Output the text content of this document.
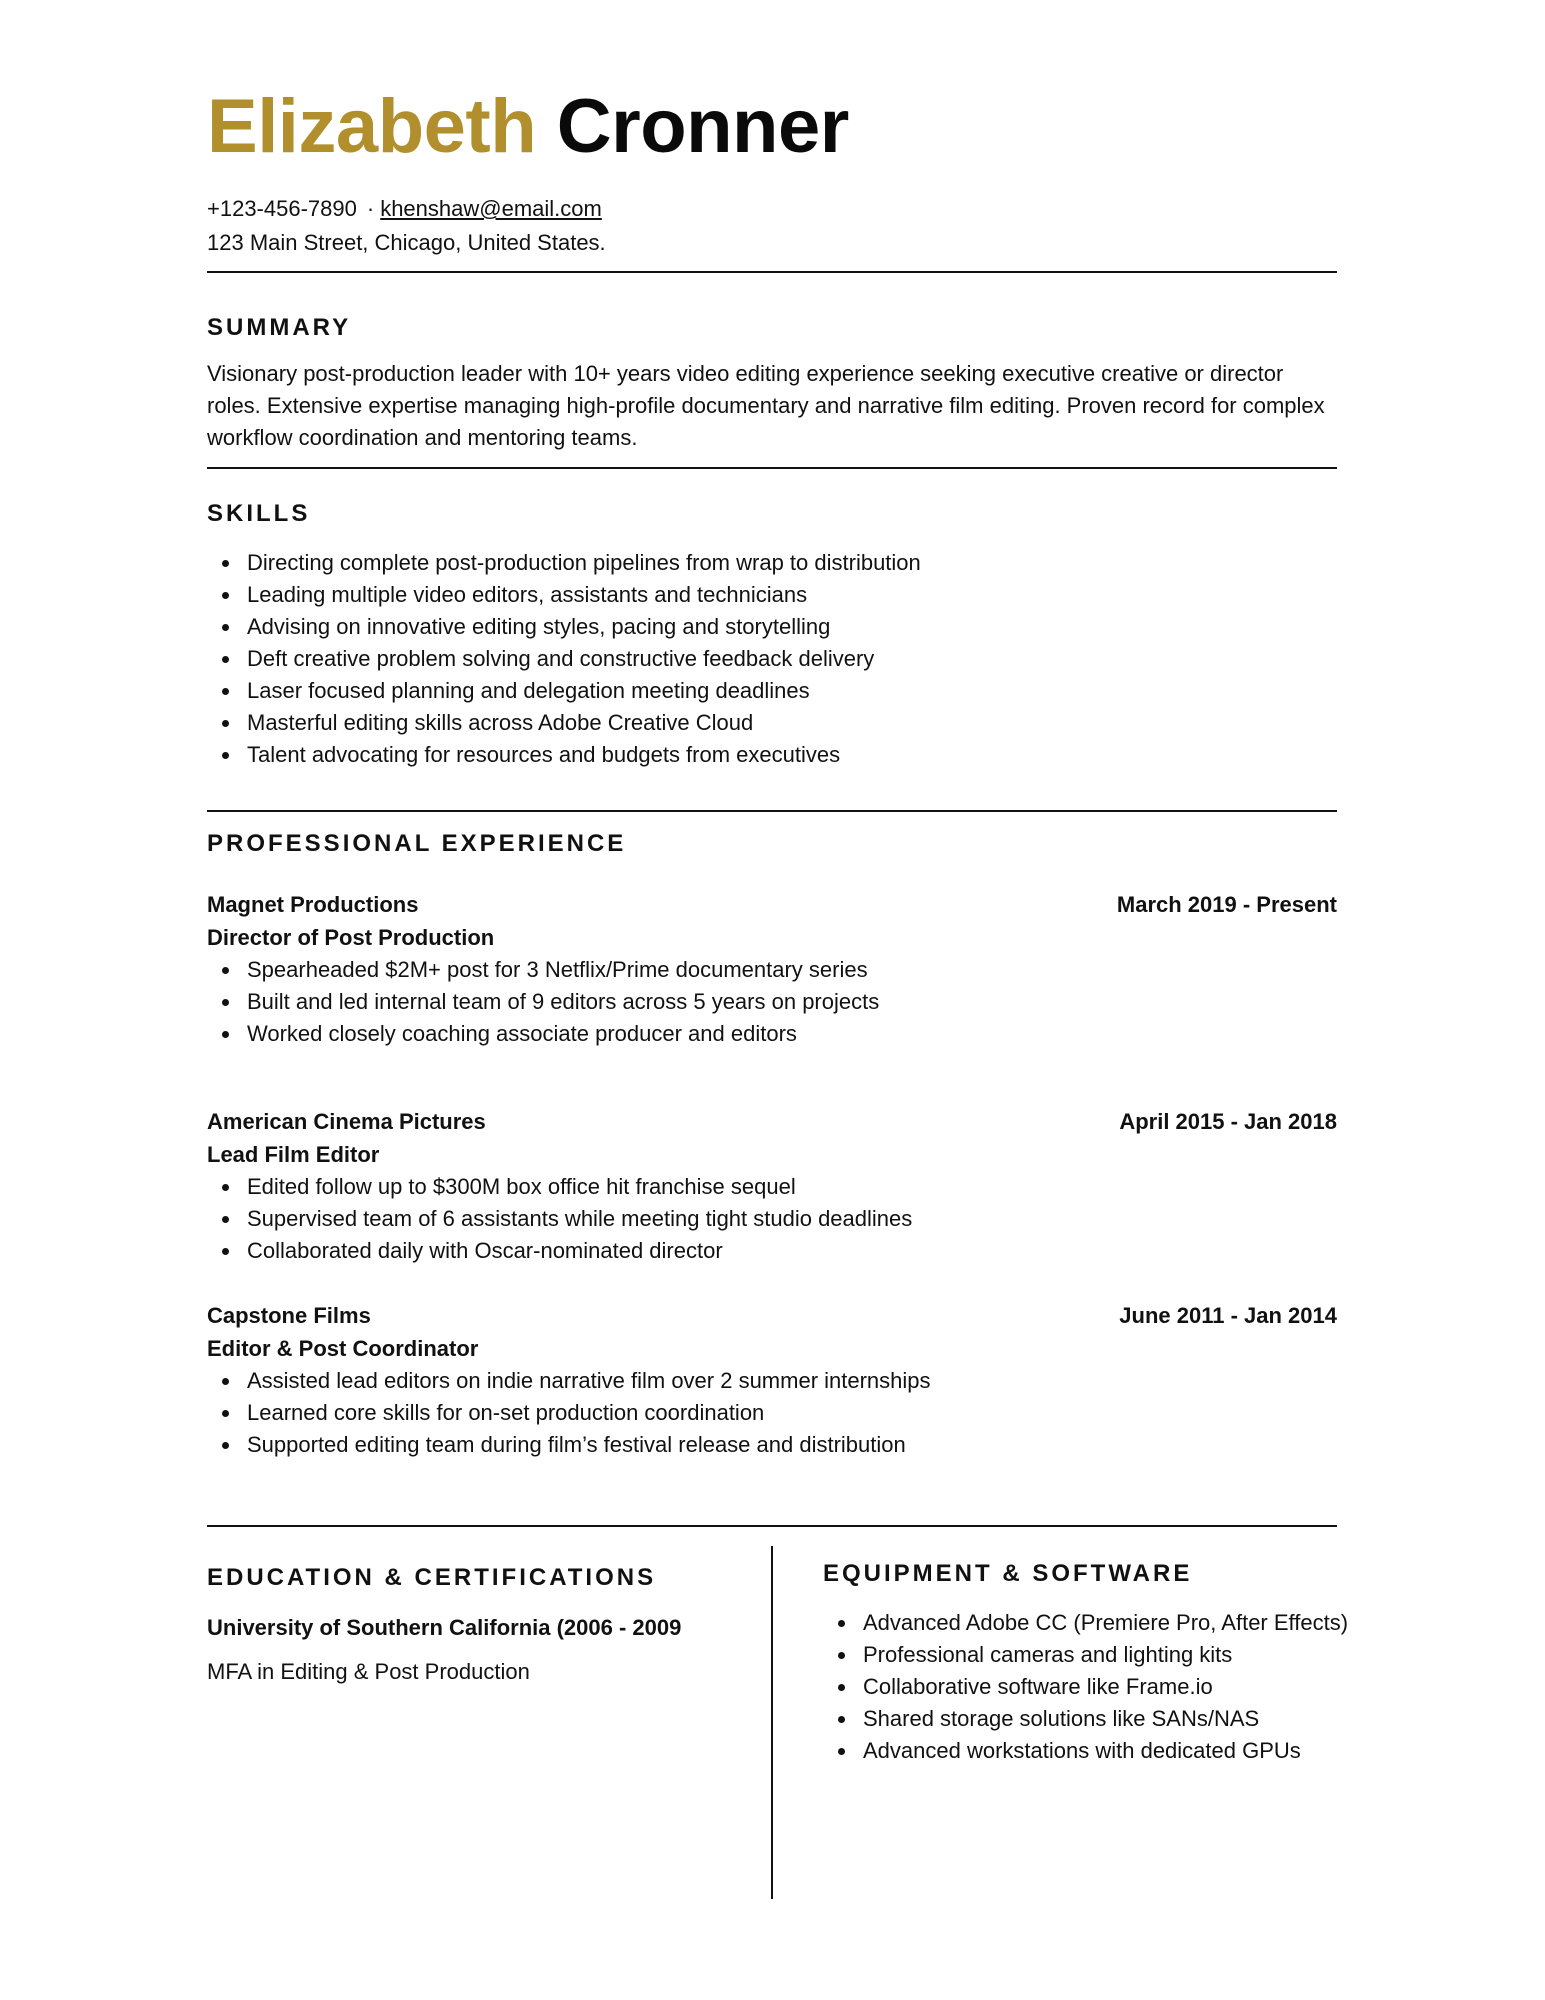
Elizabeth Cronner
+123-456-7890 · khenshaw@email.com
123 Main Street, Chicago, United States.
SUMMARY
Visionary post-production leader with 10+ years video editing experience seeking executive creative or director roles. Extensive expertise managing high-profile documentary and narrative film editing. Proven record for complex workflow coordination and mentoring teams.
SKILLS
Directing complete post-production pipelines from wrap to distribution
Leading multiple video editors, assistants and technicians
Advising on innovative editing styles, pacing and storytelling
Deft creative problem solving and constructive feedback delivery
Laser focused planning and delegation meeting deadlines
Masterful editing skills across Adobe Creative Cloud
Talent advocating for resources and budgets from executives
PROFESSIONAL EXPERIENCE
Magnet Productions	March 2019 - Present
Director of Post Production
Spearheaded $2M+ post for 3 Netflix/Prime documentary series
Built and led internal team of 9 editors across 5 years on projects
Worked closely coaching associate producer and editors
American Cinema Pictures	April 2015 - Jan 2018
Lead Film Editor
Edited follow up to $300M box office hit franchise sequel
Supervised team of 6 assistants while meeting tight studio deadlines
Collaborated daily with Oscar-nominated director
Capstone Films	June 2011 - Jan 2014
Editor & Post Coordinator
Assisted lead editors on indie narrative film over 2 summer internships
Learned core skills for on-set production coordination
Supported editing team during film’s festival release and distribution
EDUCATION & CERTIFICATIONS
University of Southern California (2006 - 2009
MFA in Editing & Post Production
EQUIPMENT & SOFTWARE
Advanced Adobe CC (Premiere Pro, After Effects)
Professional cameras and lighting kits
Collaborative software like Frame.io
Shared storage solutions like SANs/NAS
Advanced workstations with dedicated GPUs
